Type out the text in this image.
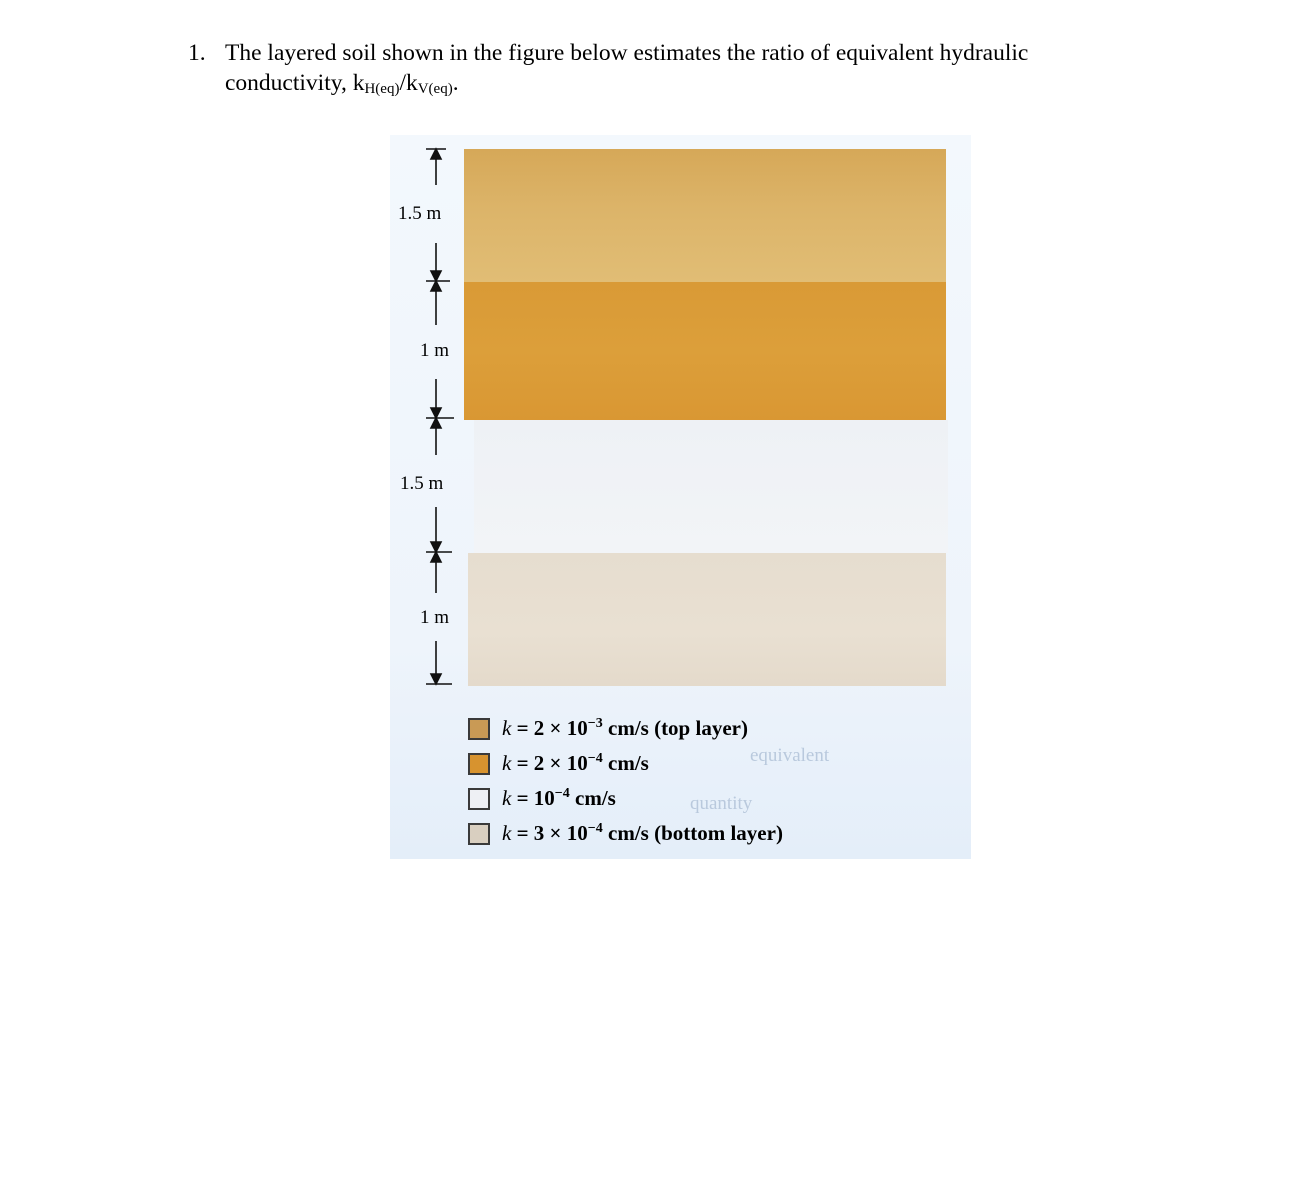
1. The layered soil shown in the figure below estimates the ratio of equivalent hydraulic
conductivity, $k_{H(eq)}/k_{V(eq)}$.
equivalent
quantity
1.5 m
1 m
1.5 m
1 m
$k = 2 \times 10^{-3}$ cm/s (top layer)
$k = 2 \times 10^{-4}$ cm/s
$k = 10^{-4}$ cm/s
$k = 3 \times 10^{-4}$ cm/s (bottom layer)
